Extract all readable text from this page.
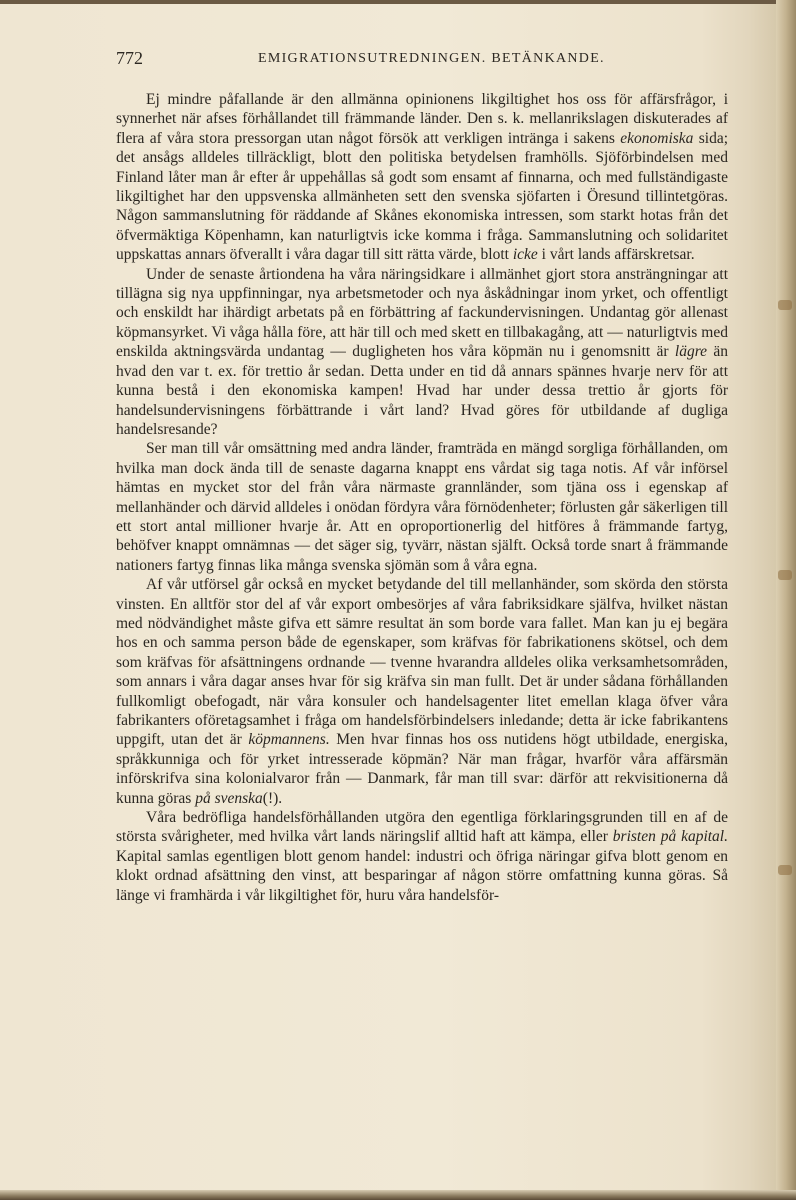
772	EMIGRATIONSUTREDNINGEN. BETÄNKANDE.

Ej mindre påfallande är den allmänna opinionens likgiltighet hos oss för affärsfrågor, i synnerhet när afses förhållandet till främmande länder. Den s. k. mellanrikslagen diskuterades af flera af våra stora pressorgan utan något försök att verkligen intränga i sakens ekonomiska sida; det ansågs alldeles tillräckligt, blott den politiska betydelsen framhölls. Sjöförbindelsen med Finland låter man år efter år uppehållas så godt som ensamt af finnarna, och med fullständigaste likgiltighet har den uppsvenska allmänheten sett den svenska sjöfarten i Öresund tillintetgöras. Någon sammanslutning för räddande af Skånes ekonomiska intressen, som starkt hotas från det öfvermäktiga Köpenhamn, kan naturligtvis icke komma i fråga. Sammanslutning och solidaritet uppskattas annars öfverallt i våra dagar till sitt rätta värde, blott icke i vårt lands affärskretsar.

Under de senaste årtiondena ha våra näringsidkare i allmänhet gjort stora ansträngningar att tillägna sig nya uppfinningar, nya arbetsmetoder och nya åskådningar inom yrket, och offentligt och enskildt har ihärdigt arbetats på en förbättring af fackundervisningen. Undantag gör allenast köpmansyrket. Vi våga hålla före, att här till och med skett en tillbakagång, att — naturligtvis med enskilda aktningsvärda undantag — dugligheten hos våra köpmän nu i genomsnitt är lägre än hvad den var t. ex. för trettio år sedan. Detta under en tid då annars spännes hvarje nerv för att kunna bestå i den ekonomiska kampen! Hvad har under dessa trettio år gjorts för handelsundervisningens förbättrande i vårt land? Hvad göres för utbildande af dugliga handelsresande?

Ser man till vår omsättning med andra länder, framträda en mängd sorgliga förhållanden, om hvilka man dock ända till de senaste dagarna knappt ens vårdat sig taga notis. Af vår införsel hämtas en mycket stor del från våra närmaste grannländer, som tjäna oss i egenskap af mellanhänder och därvid alldeles i onödan fördyra våra förnödenheter; förlusten går säkerligen till ett stort antal millioner hvarje år. Att en oproportionerlig del hitföres å främmande fartyg, behöfver knappt omnämnas — det säger sig, tyvärr, nästan själft. Också torde snart å främmande nationers fartyg finnas lika många svenska sjömän som å våra egna.

Af vår utförsel går också en mycket betydande del till mellanhänder, som skörda den största vinsten. En alltför stor del af vår export ombesörjes af våra fabriksidkare själfva, hvilket nästan med nödvändighet måste gifva ett sämre resultat än som borde vara fallet. Man kan ju ej begära hos en och samma person både de egenskaper, som kräfvas för fabrikationens skötsel, och dem som kräfvas för afsättningens ordnande — tvenne hvarandra alldeles olika verksamhetsområden, som annars i våra dagar anses hvar för sig kräfva sin man fullt. Det är under sådana förhållanden fullkomligt obefogadt, när våra konsuler och handelsagenter litet emellan klaga öfver våra fabrikanters oföretagsamhet i fråga om handelsförbindelsers inledande; detta är icke fabrikantens uppgift, utan det är köpmannens. Men hvar finnas hos oss nutidens högt utbildade, energiska, språkkunniga och för yrket intresserade köpmän? När man frågar, hvarför våra affärsmän införskrifva sina kolonialvaror från — Danmark, får man till svar: därför att rekvisitionerna då kunna göras på svenska(!).

Våra bedröfliga handelsförhållanden utgöra den egentliga förklaringsgrunden till en af de största svårigheter, med hvilka vårt lands näringslif alltid haft att kämpa, eller bristen på kapital. Kapital samlas egentligen blott genom handel: industri och öfriga näringar gifva blott genom en klokt ordnad afsättning den vinst, att besparingar af någon större omfattning kunna göras. Så länge vi framhärda i vår likgiltighet för, huru våra handelsför-
